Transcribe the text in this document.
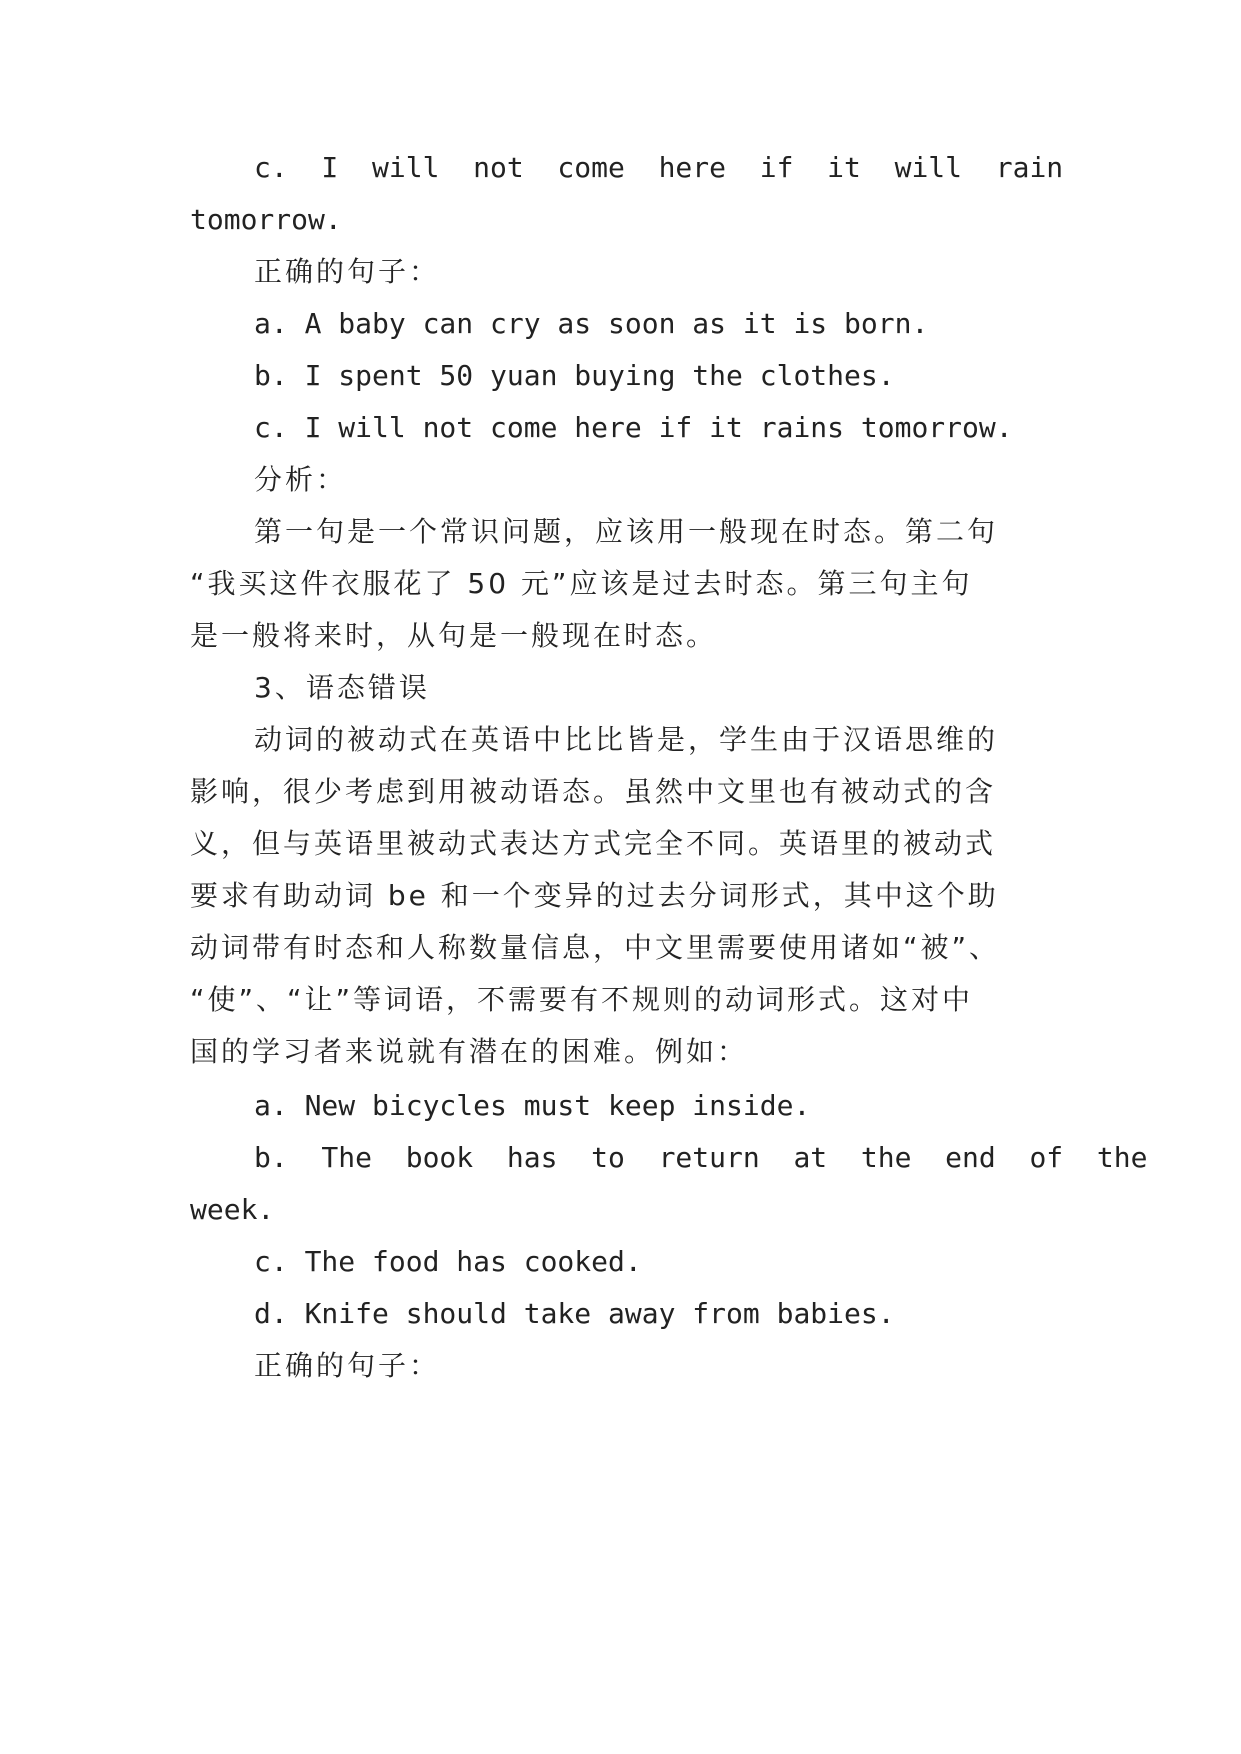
c.  I  will  not  come  here  if  it  will  rain

tomorrow.

正确的句子：

a. A baby can cry as soon as it is born.

b. I spent 50 yuan buying the clothes.

c. I will not come here if it rains tomorrow.

分析：

第一句是一个常识问题，应该用一般现在时态。第二句

“我买这件衣服花了 50 元”应该是过去时态。第三句主句

是一般将来时，从句是一般现在时态。

3、语态错误

动词的被动式在英语中比比皆是，学生由于汉语思维的

影响，很少考虑到用被动语态。虽然中文里也有被动式的含

义，但与英语里被动式表达方式完全不同。英语里的被动式

要求有助动词 be 和一个变异的过去分词形式，其中这个助

动词带有时态和人称数量信息，中文里需要使用诸如“被”、

“使”、“让”等词语，不需要有不规则的动词形式。这对中

国的学习者来说就有潜在的困难。例如：

a. New bicycles must keep inside.

b.  The  book  has  to  return  at  the  end  of  the

week.

c. The food has cooked.

d. Knife should take away from babies.

正确的句子：
